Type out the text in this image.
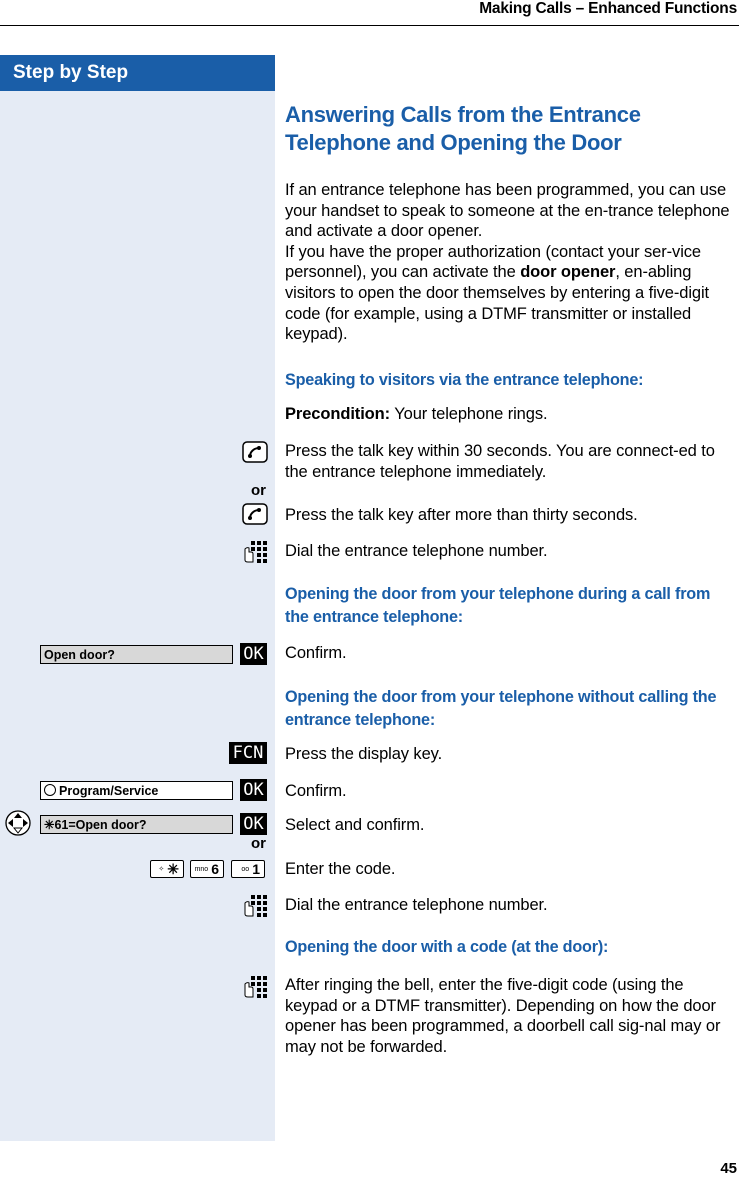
Making Calls – Enhanced Functions
Step by Step
Answering Calls from the Entrance Telephone and Opening the Door
If an entrance telephone has been programmed, you can use your handset to speak to someone at the en-trance telephone and activate a door opener.
If you have the proper authorization (contact your ser-vice personnel), you can activate the door opener, en-abling visitors to open the door themselves by entering a five-digit code (for example, using a DTMF transmitter or installed keypad).
Speaking to visitors via the entrance telephone:
Precondition: Your telephone rings.
Press the talk key within 30 seconds. You are connect-ed to the entrance telephone immediately.
or
Press the talk key after more than thirty seconds.
Dial the entrance telephone number.
Opening the door from your telephone during a call from the entrance telephone:
Open door?	OK Confirm.
Opening the door from your telephone without calling the entrance telephone:
FCN Press the display key.
Program/Service	OK Confirm.
✳61=Open door?	OK Select and confirm.
or
✧ ✳	mno 6	oo 1	Enter the code.
Dial the entrance telephone number.
Opening the door with a code (at the door):
After ringing the bell, enter the five-digit code (using the keypad or a DTMF transmitter). Depending on how the door opener has been programmed, a doorbell call sig-nal may or may not be forwarded.
45
